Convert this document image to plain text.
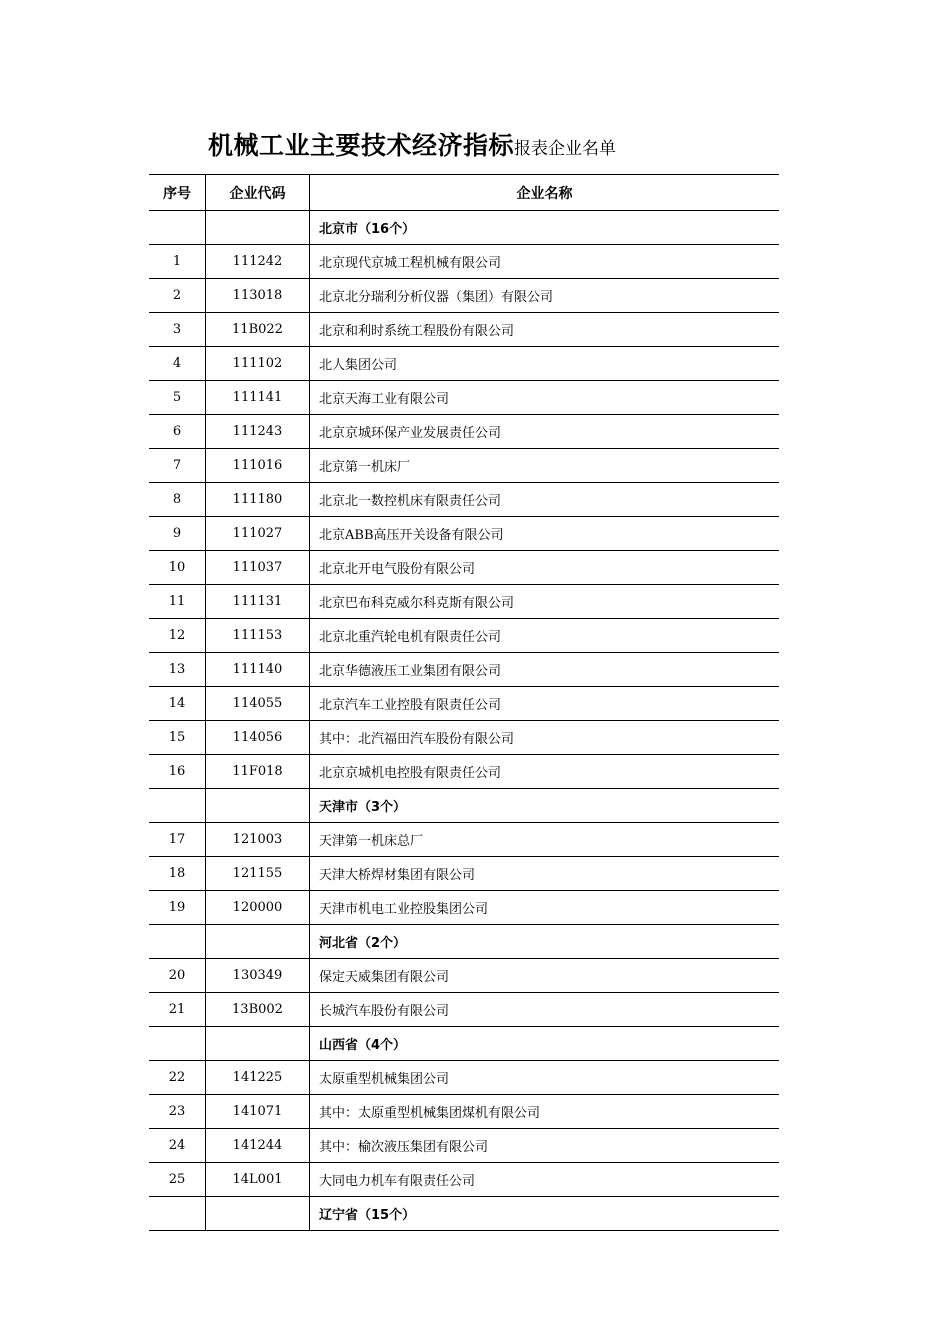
机械工业主要技术经济指标报表企业名单
序号	企业代码	企业名称
		北京市（16个）
1	111242	北京现代京城工程机械有限公司
2	113018	北京北分瑞利分析仪器（集团）有限公司
3	11B022	北京和利时系统工程股份有限公司
4	111102	北人集团公司
5	111141	北京天海工业有限公司
6	111243	北京京城环保产业发展责任公司
7	111016	北京第一机床厂
8	111180	北京北一数控机床有限责任公司
9	111027	北京ABB高压开关设备有限公司
10	111037	北京北开电气股份有限公司
11	111131	北京巴布科克威尔科克斯有限公司
12	111153	北京北重汽轮电机有限责任公司
13	111140	北京华德液压工业集团有限公司
14	114055	北京汽车工业控股有限责任公司
15	114056	其中：北汽福田汽车股份有限公司
16	11F018	北京京城机电控股有限责任公司
		天津市（3个）
17	121003	天津第一机床总厂
18	121155	天津大桥焊材集团有限公司
19	120000	天津市机电工业控股集团公司
		河北省（2个）
20	130349	保定天威集团有限公司
21	13B002	长城汽车股份有限公司
		山西省（4个）
22	141225	太原重型机械集团公司
23	141071	其中：太原重型机械集团煤机有限公司
24	141244	其中：榆次液压集团有限公司
25	14L001	大同电力机车有限责任公司
		辽宁省（15个）
